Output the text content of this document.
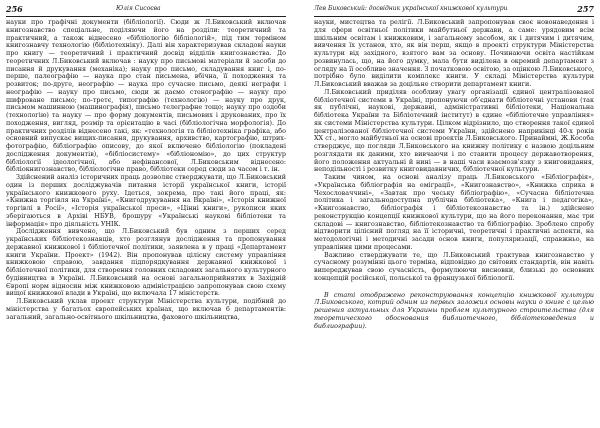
256	Юлія Сисоєва

науки про графічні документи (бібліології). Сюди ж Л.Биковський включав книгознавство спеціальне, поділяючи його на розділи: теоретичний та практичний, а також віднесено «бібліологію бібліологій», під тим терміном книгознавчу технологію (бібліотехніку). Далі він характеризував складові науки про книгу — теоретичний і практичний досвід відділів книгознавства. До теоретичних Л.Биковський включав : науку про письмові матеріали й засоби до писання й друкування (механіка); науку про письмо, складування книг і, по-перше, палеографію — наука про стан письмена, вбічна, її походження та розвиток; по-друге, неографію — наука про сучасне письмо, деякі неграфи і неографію — науку про письмо, сюди ж даємо стенографію — науку про шифроване письмо; по-третє, типографію (технологію) — науку про друк, письмом машинною (машинографія), письмо телеграфне тощо; науку про оздоби (технологію) та науку — про форму документів, письмових і друкованих, про їх походження, вигляд, розмір та орієнтацію в часі (бібліологічна морфологія). До практичних розділів віднесено такі, як: «технологія та бібліотехніка графіка, або основний випускає вищих-писання, друкування, архивство, картографію, штрих-фотографію, бібліографію описову, до якої включено бібліологію (покладені дослідження документів), «бібліосистему» «бібліономію», до цих структур бібліології ідеологічної, або нефінансової, Л.Биковським віднесено: бібліокнигознавство, бібліологічне право, бібліотеки серед сюди за часом і т. ін.

Здійснений аналіз історичних праць дозволяє стверджувати, що Л.Биковський один із перших досліджувачів питання історії української книги, історії українського книжкового руху. Ідеться, зокрема, про такі його праці, як: «Книжна торгівля на Україні», «Книгодрукування на Вкраїні», «Історія книжної торгівлі в Росії», «Історія української преси», «Цінні книги», рукописи яких зберігаються в Архіві НБУВ, брошуру «Українські наукові бібліотеки та інформація» про діяльність УНІК.

Дослідження вивчено, що Л.Биковський був одним з перших серед українських бібліотекознавців, хто розглянув дослідження та пропонування державної книжкової і бібліотечної політики, заявлена в у праці «Департамент книги України. Проект» (1942). Він пропонував цілісну систему управління книжковою справою, завдання підпорядкування державної книжкової і бібліотечної політики, для створення головних складових загального культурного будівництва в Україні. Л.Биковський на основі загальноприйнятих в Західній Європі норм відносин між книжковою адміністрацією запропонував свою схему вищої книжкової влади в Україні, що включала 17 міністерств.

Л.Биковський уклав проект структури Міністерства культури, подібний до міністерства у багатьох європейських країнах, що включав 6 департаментів: загальний, загально-освітнього шкільництва, фахового шкільництва,

Лев Биковський: досвідник української книжкової культури	257

науки, мистецтва та релігії. Л.Биковський запропонував своє новонаведення і для сфери освітньої політики майбутньої держави, а саме: урядовим всім шкільним освітам і книжковим, і загальному засобом, як і дитячим і дитячим, вивчення їх установ, хто, як він перш, якщо в проекті структури Міністерства культури від західного, взятого вам за основу. Починаючи освіта настійкам розвинулась, що, на його думку, мала бути виділена в окремий департамент з огляду на її особливе значення. З початковою освітою, за оцінкою Л.Биковського, потрібно було виділити комплекс книги. У складі Міністерства культури Л.Биковський вважав за доцільне створити департамент книги.

Л.Биковський приділяв особливу увагу організації єдиної централізованої бібліотечної системи в Україні, пропонуючи об’єднати бібліотечні установи (так як публічні, наукові, державні, адміністративні бібліотеки, Національна бібліотека України та Бібліотечний інститут) в єдине «бібліотечне управління» як системи Міністерства культури. Цілком відрізнило, що створення такої єдиної централізованої бібліотечної системи України, здійснено наприкінці 40-х років XX ст., могло майбутньої на основі проектів Л.Биковського. Принаймні, Ж.Кособа стверджує, що погляди Л.Биковського на книжну політику є назвою доцільним розглядати як даними, хто вивчаючи і по ставити процесу державотворення, його положення актуальні й нині — в наші часи взаємозв’язку з книговидання, неподільності і розвитку книговидавничих, бібліотечної культури.

Таким чином, на основі аналізу праць Л.Биковського «Бібліографія», «Українська бібліографія на еміграції», «Книгознавство», «Книжка сприка в Чехословаччині», «Завтак про чеську бібліографію», «Сучасна бібліотечна політика і загальнодоступна публічна бібліотека», «Книга і педагогіка», «Книгознавство, бібліографія і бібліотекознавство та ін.) здійснено реконструкцію концепції книжкової культури, що на його переконання, має три складові — книгознавство, бібліотекознавство та бібліографію. Зроблено спробу відтворити цілісний погляд на її історичні, теоретичні і практичні аспекти, на методологічні і методичні засади основ книги, популяризації, справжньо, на управління цими процесами.

Важливо стверджувати те, що Л.Биковський трактував книгознавство у сучасному розумінні цього терміна, відповідно до світових стандартів, він навіть випереджував свою сучасність, формулюючи висновки, близькі до основних концепцій російської, польської та французької бібліології.

В статі отображено реконструювання концепцію книжкової культури Л.Биковського, котрий одним из первых заложил основы науки о книге с целью решения актуальных для Украины проблем культурного строительства (для теоретического обоснования библиотечного, бібліотековедения и библиографии).
